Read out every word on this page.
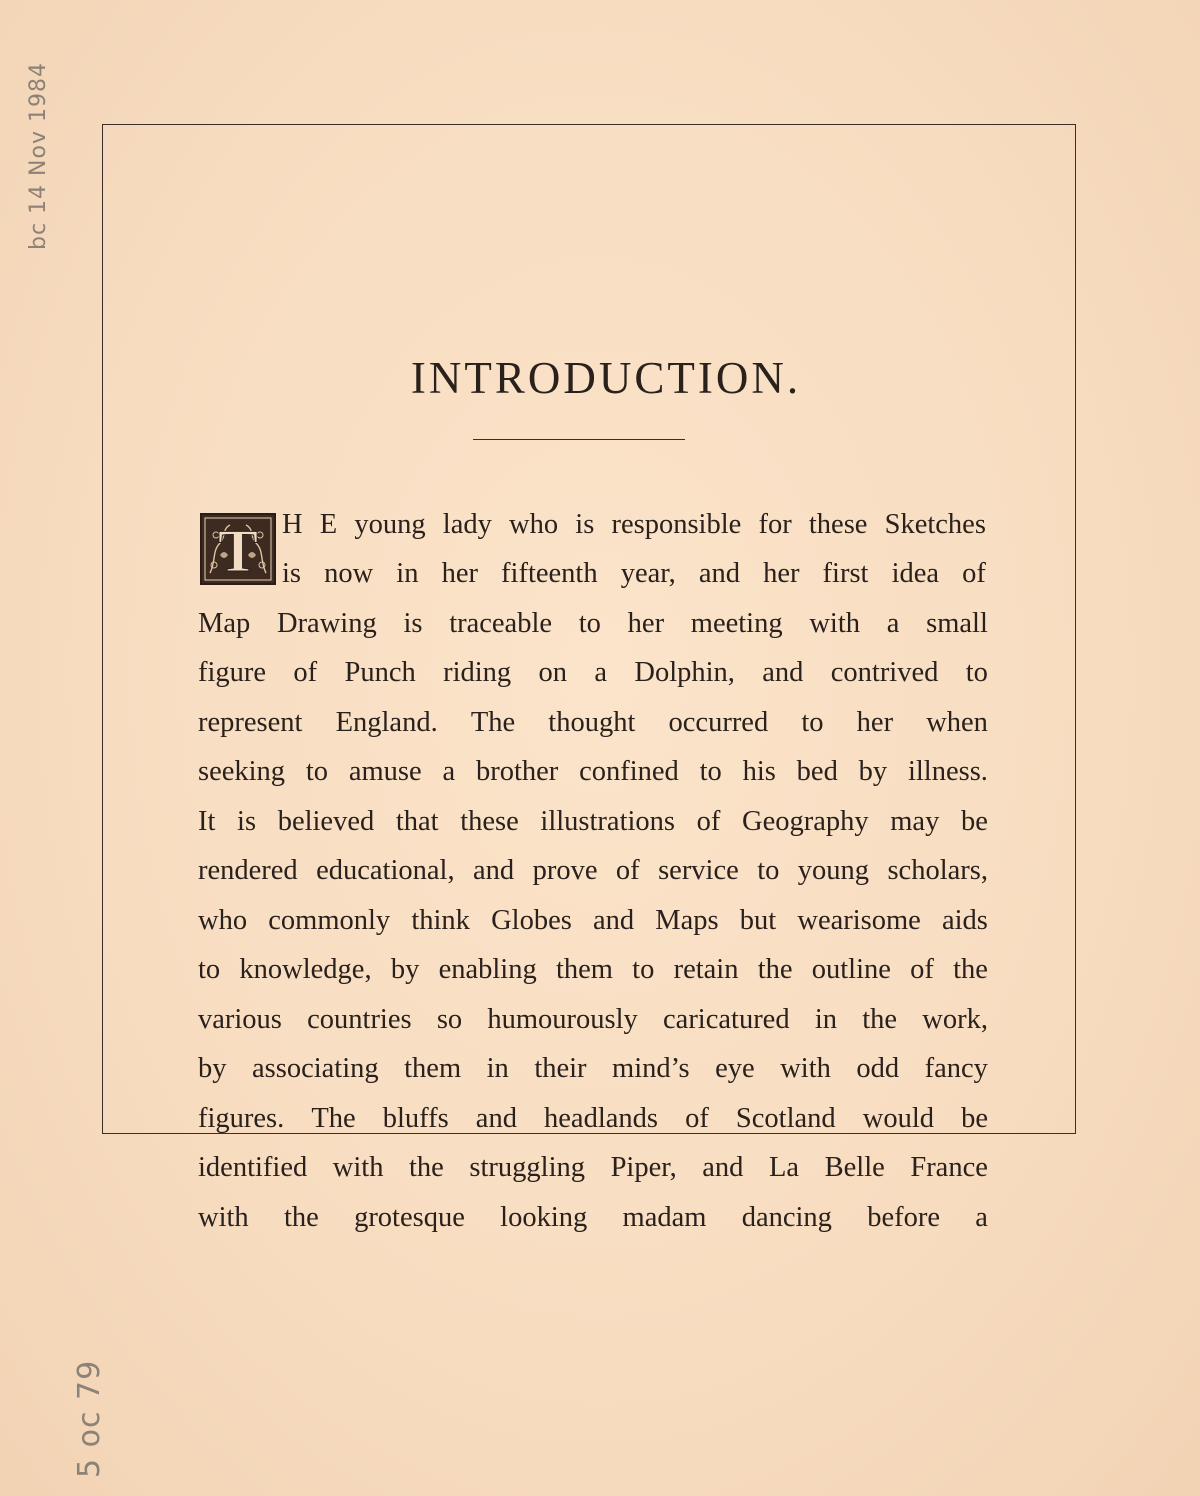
bc 14 Nov 1984
5 oc 79
INTRODUCTION.
T H E young lady who is responsible for these Sketches
is now in her fifteenth year, and her first idea of
Map Drawing is traceable to her meeting with a small
figure of Punch riding on a Dolphin, and contrived to
represent England. The thought occurred to her when
seeking to amuse a brother confined to his bed by illness.
It is believed that these illustrations of Geography may be
rendered educational, and prove of service to young scholars,
who commonly think Globes and Maps but wearisome aids
to knowledge, by enabling them to retain the outline of the
various countries so humourously caricatured in the work,
by associating them in their mind’s eye with odd fancy
figures. The bluffs and headlands of Scotland would be
identified with the struggling Piper, and La Belle France
with the grotesque looking madam dancing before a
